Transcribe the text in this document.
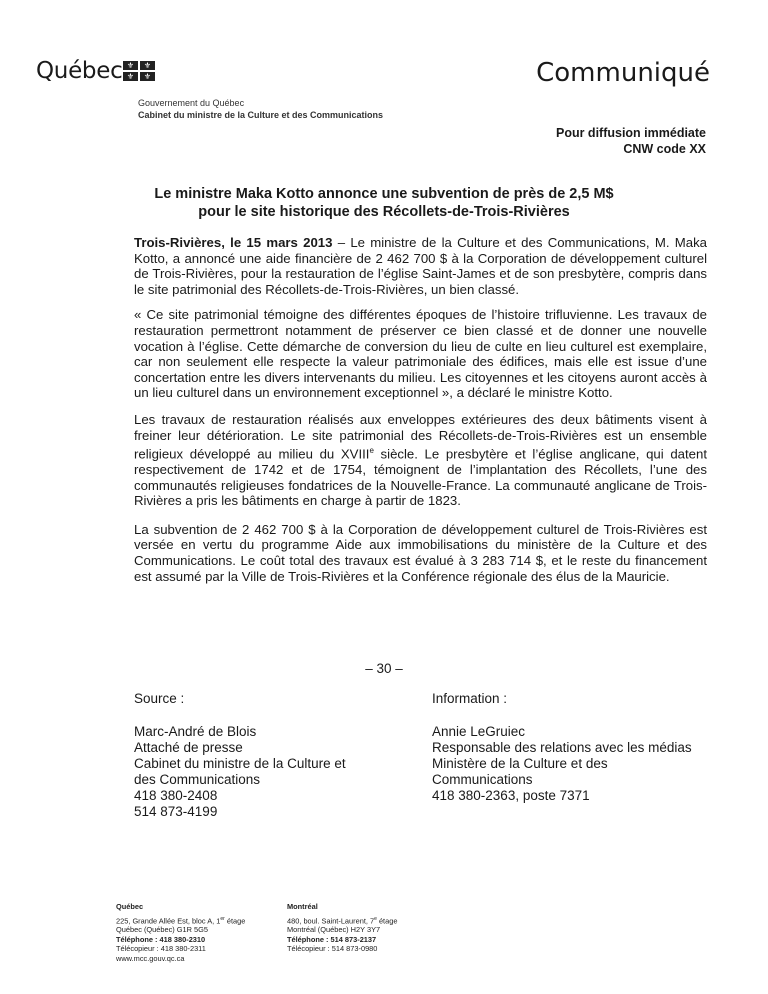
Québec ⚜	⚜
⚜	⚜
Gouvernement du Québec
Cabinet du ministre de la Culture et des Communications
Communiqué
Pour diffusion immédiate
CNW code XX
Le ministre Maka Kotto annonce une subvention de près de 2,5 M$
pour le site historique des Récollets-de-Trois-Rivières

Trois-Rivières, le 15 mars 2013 – Le ministre de la Culture et des Communications, M. Maka Kotto, a annoncé une aide financière de 2 462 700 $ à la Corporation de développement culturel de Trois-Rivières, pour la restauration de l’église Saint-James et de son presbytère, compris dans le site patrimonial des Récollets-de-Trois-Rivières, un bien classé.

« Ce site patrimonial témoigne des différentes époques de l’histoire trifluvienne. Les travaux de restauration permettront notamment de préserver ce bien classé et de donner une nouvelle vocation à l’église. Cette démarche de conversion du lieu de culte en lieu culturel est exemplaire, car non seulement elle respecte la valeur patrimoniale des édifices, mais elle est issue d’une concertation entre les divers intervenants du milieu. Les citoyennes et les citoyens auront accès à un lieu culturel dans un environnement exceptionnel », a déclaré le ministre Kotto.

Les travaux de restauration réalisés aux enveloppes extérieures des deux bâtiments visent à freiner leur détérioration. Le site patrimonial des Récollets-de-Trois-Rivières est un ensemble religieux développé au milieu du XVIIIe siècle. Le presbytère et l’église anglicane, qui datent respectivement de 1742 et de 1754, témoignent de l’implantation des Récollets, l’une des communautés religieuses fondatrices de la Nouvelle-France. La communauté anglicane de Trois-Rivières a pris les bâtiments en charge à partir de 1823.

La subvention de 2 462 700 $ à la Corporation de développement culturel de Trois-Rivières est versée en vertu du programme Aide aux immobilisations du ministère de la Culture et des Communications. Le coût total des travaux est évalué à 3 283 714 $, et le reste du financement est assumé par la Ville de Trois-Rivières et la Conférence régionale des élus de la Mauricie.

– 30 –
Source :
Marc-André de Blois
Attaché de presse
Cabinet du ministre de la Culture et
des Communications
418 380-2408
514 873-4199
Information :
Annie LeGruiec
Responsable des relations avec les médias
Ministère de la Culture et des
Communications
418 380-2363, poste 7371
Québec
225, Grande Allée Est, bloc A, 1er étage
Québec (Québec) G1R 5G5
Téléphone : 418 380-2310
Télécopieur : 418 380-2311
www.mcc.gouv.qc.ca
Montréal
480, boul. Saint-Laurent, 7e étage
Montréal (Québec) H2Y 3Y7
Téléphone : 514 873-2137
Télécopieur : 514 873-0980
